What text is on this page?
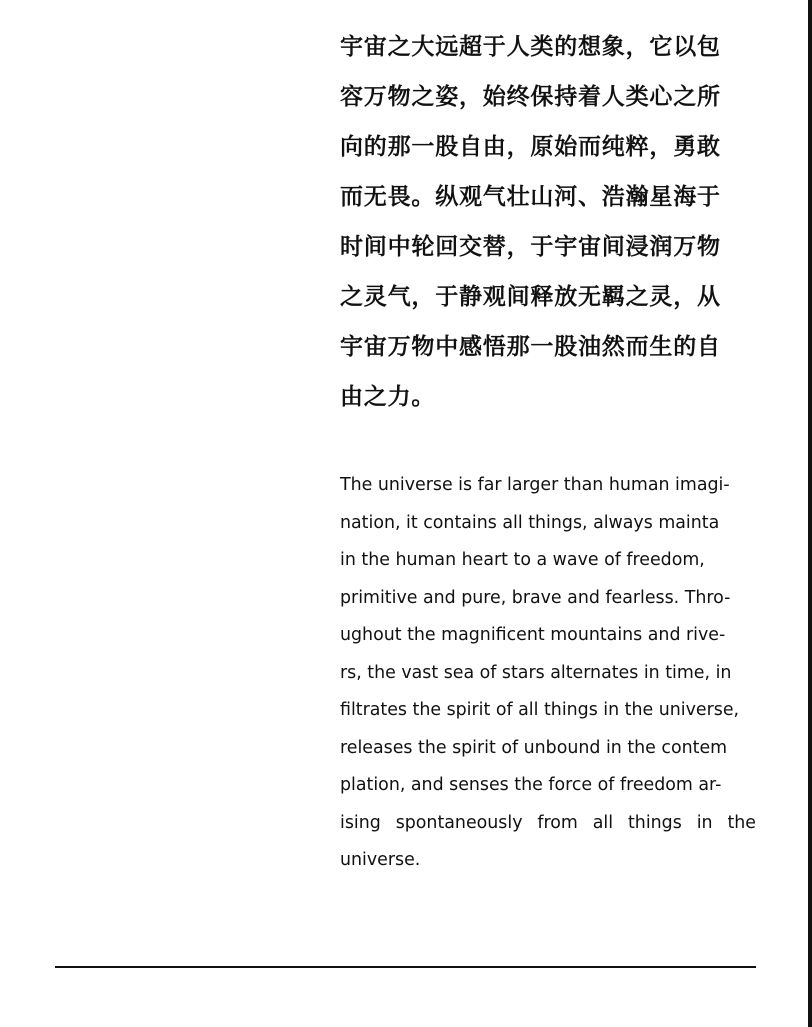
宇宙之大远超于人类的想象，它以包
容万物之姿，始终保持着人类心之所
向的那一股自由，原始而纯粹，勇敢
而无畏。纵观气壮山河、浩瀚星海于
时间中轮回交替，于宇宙间浸润万物
之灵气，于静观间释放无羁之灵，从
宇宙万物中感悟那一股油然而生的自
由之力。
The universe is far larger than human imagi-
nation, it contains all things, always mainta
in the human heart to a wave of freedom,
primitive and pure, brave and fearless. Thro-
ughout the magnificent mountains and rive-
rs, the vast sea of stars alternates in time, in
filtrates the spirit of all things in the universe,
releases the spirit of unbound in the contem
plation, and senses the force of freedom ar-
ising spontaneously from all things in the
universe.
